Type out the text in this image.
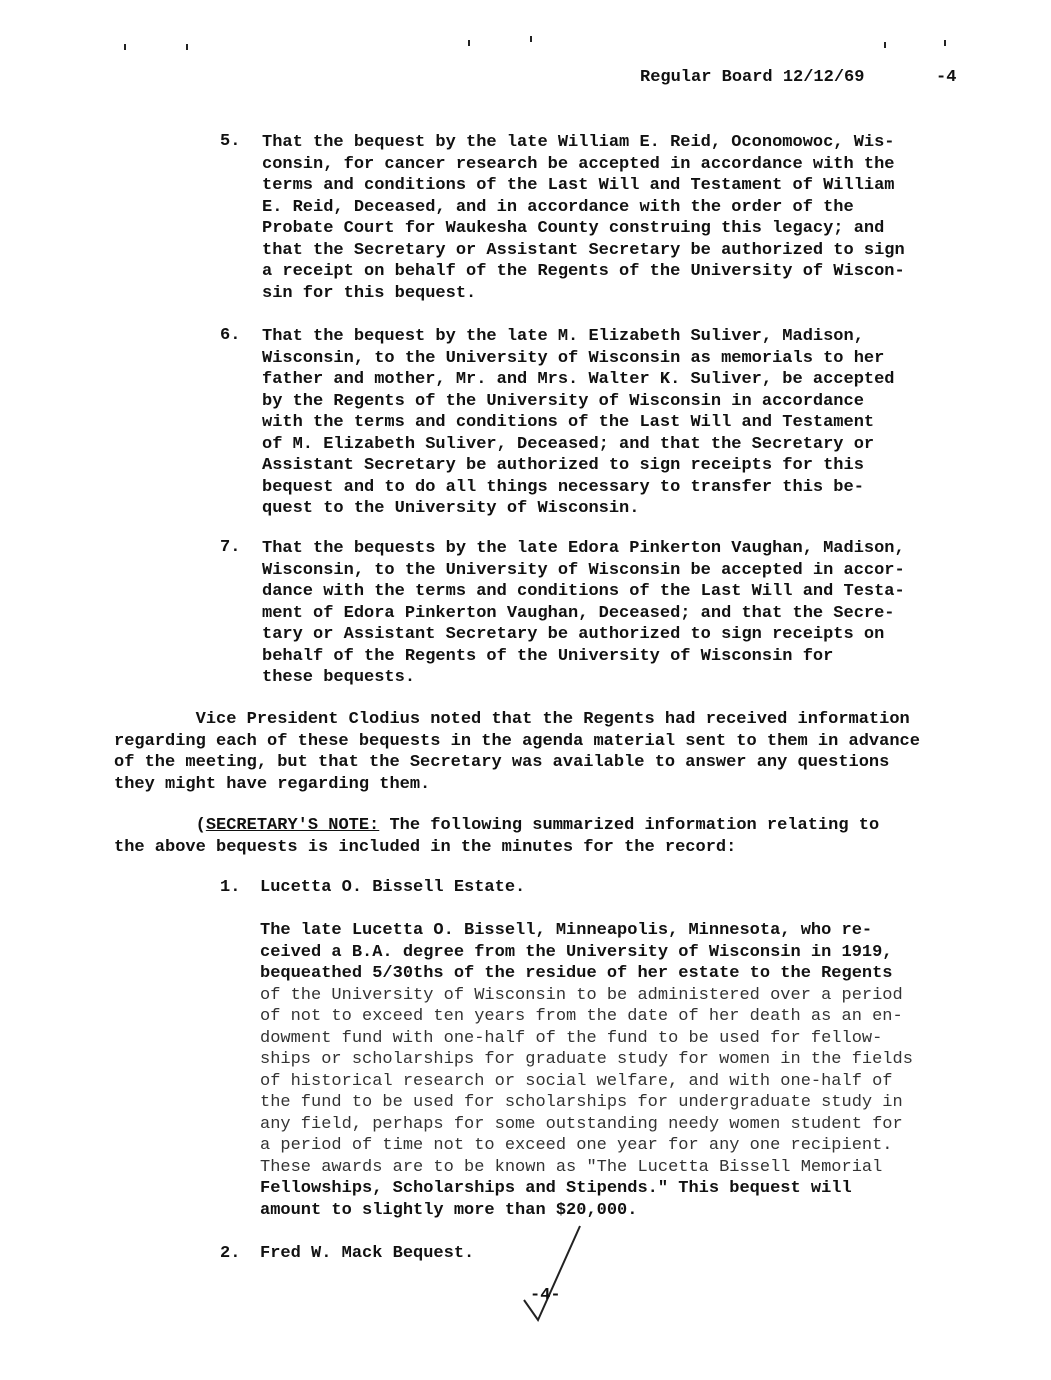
Regular Board 12/12/69

	-4

5.	That the bequest by the late William E. Reid, Oconomowoc, Wis-
consin, for cancer research be accepted in accordance with the
terms and conditions of the Last Will and Testament of William
E. Reid, Deceased, and in accordance with the order of the
Probate Court for Waukesha County construing this legacy; and
that the Secretary or Assistant Secretary be authorized to sign
a receipt on behalf of the Regents of the University of Wiscon-
sin for this bequest.
6.	That the bequest by the late M. Elizabeth Suliver, Madison,
Wisconsin, to the University of Wisconsin as memorials to her
father and mother, Mr. and Mrs. Walter K. Suliver, be accepted
by the Regents of the University of Wisconsin in accordance
with the terms and conditions of the Last Will and Testament
of M. Elizabeth Suliver, Deceased; and that the Secretary or
Assistant Secretary be authorized to sign receipts for this
bequest and to do all things necessary to transfer this be-
quest to the University of Wisconsin.
7.	That the bequests by the late Edora Pinkerton Vaughan, Madison,
Wisconsin, to the University of Wisconsin be accepted in accor-
dance with the terms and conditions of the Last Will and Testa-
ment of Edora Pinkerton Vaughan, Deceased; and that the Secre-
tary or Assistant Secretary be authorized to sign receipts on
behalf of the Regents of the University of Wisconsin for
these bequests.
Vice President Clodius noted that the Regents had received information
regarding each of these bequests in the agenda material sent to them in advance
of the meeting, but that the Secretary was available to answer any questions
they might have regarding them.
(SECRETARY'S NOTE: The following summarized information relating to
the above bequests is included in the minutes for the record:
1. Lucetta O. Bissell Estate.
The late Lucetta O. Bissell, Minneapolis, Minnesota, who re-
ceived a B.A. degree from the University of Wisconsin in 1919,
bequeathed 5/30ths of the residue of her estate to the Regents
of the University of Wisconsin to be administered over a period
of not to exceed ten years from the date of her death as an en-
dowment fund with one-half of the fund to be used for fellow-
ships or scholarships for graduate study for women in the fields
of historical research or social welfare, and with one-half of
the fund to be used for scholarships for undergraduate study in
any field, perhaps for some outstanding needy women student for
a period of time not to exceed one year for any one recipient.
These awards are to be known as "The Lucetta Bissell Memorial
Fellowships, Scholarships and Stipends." This bequest will
amount to slightly more than $20,000.
2. Fred W. Mack Bequest.
-4-
